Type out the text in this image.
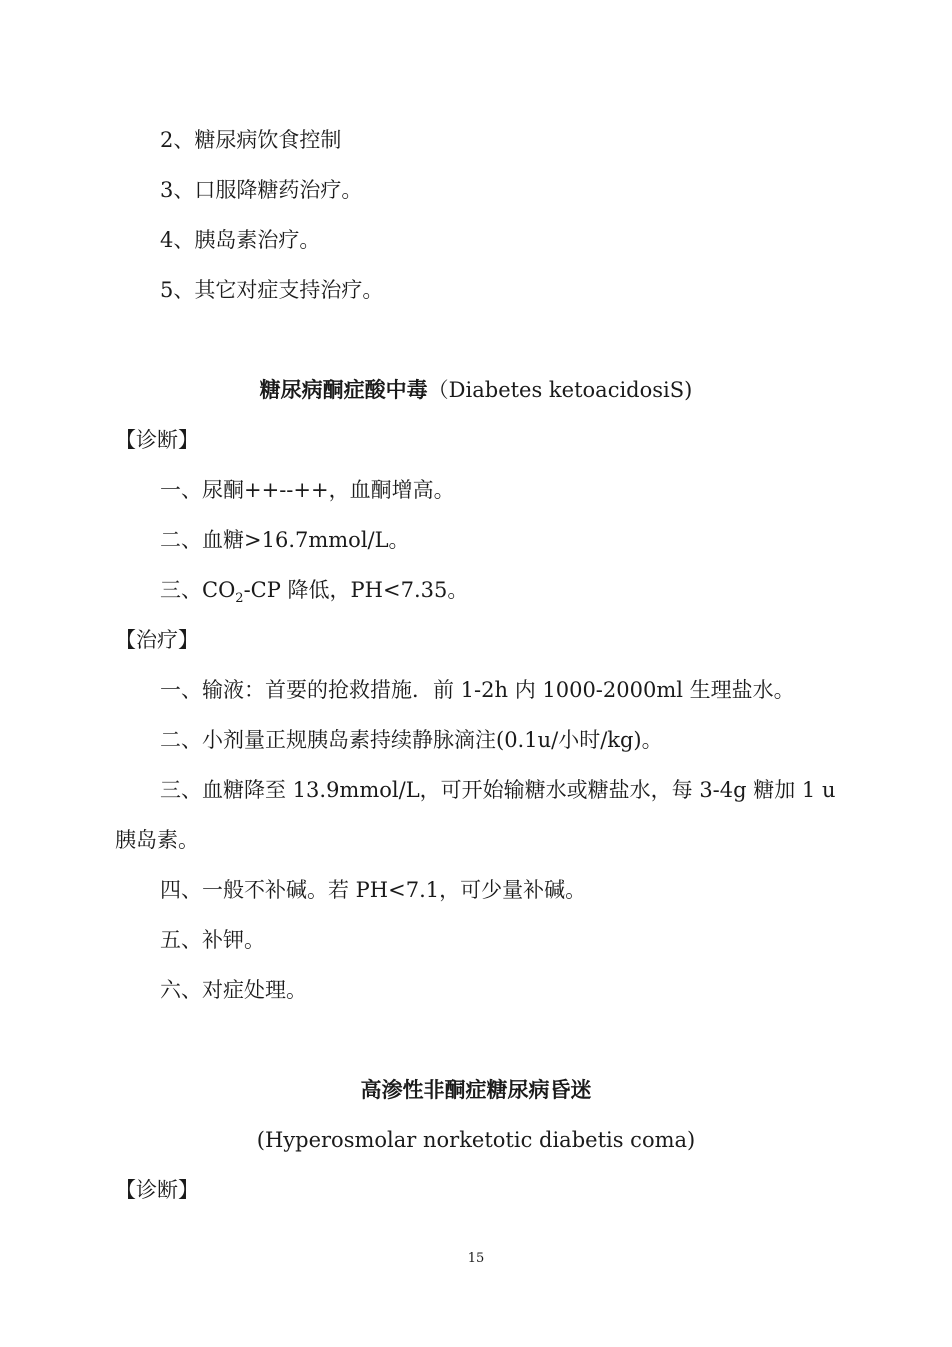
2、糖尿病饮食控制
3、口服降糖药治疗。
4、胰岛素治疗。
5、其它对症支持治疗。
糖尿病酮症酸中毒（Diabetes ketoacidosiS)
【诊断】
一、尿酮++--++，血酮增高。
二、血糖>16.7mmol/L。
三、$CO_2-CP$ 降低，PH<7.35。
【治疗】
一、输液：首要的抢救措施．前 1-2h 内 1000-2000ml 生理盐水。
二、小剂量正规胰岛素持续静脉滴注(0.1u/小时/kg)。
三、血糖降至 13.9mmol/L，可开始输糖水或糖盐水，每 3-4g 糖加 1 u
胰岛素。
四、一般不补碱。若 PH<7.1，可少量补碱。
五、补钾。
六、对症处理。
高渗性非酮症糖尿病昏迷
(Hyperosmolar norketotic diabetis coma)
【诊断】
15
